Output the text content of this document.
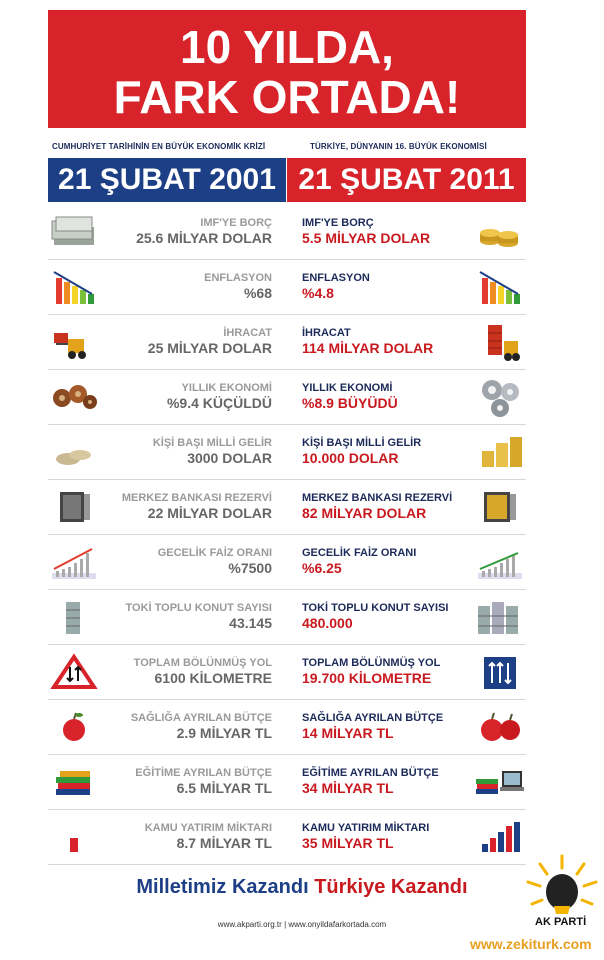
10 YILDA,
FARK ORTADA!
CUMHURİYET TARİHİNİN EN BÜYÜK EKONOMİK KRİZİ	TÜRKİYE, DÜNYANIN 16. BÜYÜK EKONOMİSİ
21 ŞUBAT 2001 21 ŞUBAT 2011
IMF'YE BORÇ
25.6 MİLYAR DOLAR
IMF'YE BORÇ
5.5 MİLYAR DOLAR
ENFLASYON
%68
ENFLASYON
%4.8
İHRACAT
25 MİLYAR DOLAR
İHRACAT
114 MİLYAR DOLAR
YILLIK EKONOMİ
%9.4 KÜÇÜLDÜ
YILLIK EKONOMİ
%8.9 BÜYÜDÜ
KİŞİ BAŞI MİLLİ GELİR
3000 DOLAR
KİŞİ BAŞI MİLLİ GELİR
10.000 DOLAR
MERKEZ BANKASI REZERVİ
22 MİLYAR DOLAR
MERKEZ BANKASI REZERVİ
82 MİLYAR DOLAR
GECELİK FAİZ ORANI
%7500
GECELİK FAİZ ORANI
%6.25
TOKİ TOPLU KONUT SAYISI
43.145
TOKİ TOPLU KONUT SAYISI
480.000
TOPLAM BÖLÜNMÜŞ YOL
6100 KİLOMETRE
TOPLAM BÖLÜNMÜŞ YOL
19.700 KİLOMETRE
SAĞLIĞA AYRILAN BÜTÇE
2.9 MİLYAR TL
SAĞLIĞA AYRILAN BÜTÇE
14 MİLYAR TL
EĞİTİME AYRILAN BÜTÇE
6.5 MİLYAR TL
EĞİTİME AYRILAN BÜTÇE
34 MİLYAR TL
KAMU YATIRIM MİKTARI
8.7 MİLYAR TL
KAMU YATIRIM MİKTARI
35 MİLYAR TL
Milletimiz Kazandı Türkiye Kazandı
www.akparti.org.tr | www.onyildafarkortada.com	AK PARTİ
www.zekiturk.com
